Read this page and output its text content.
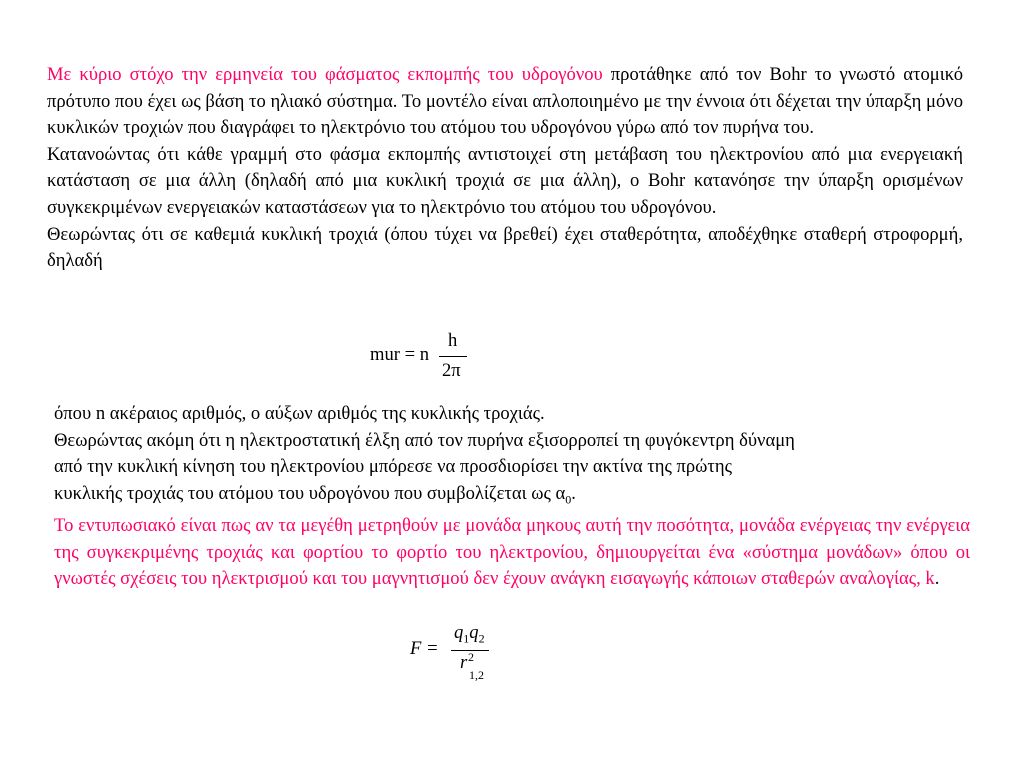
Με κύριο στόχο την ερμηνεία του φάσματος εκπομπής του υδρογόνου προτάθηκε από τον Bohr το γνωστό ατομικό πρότυπο που έχει ως βάση το ηλιακό σύστημα. Το μοντέλο είναι απλοποιημένο με την έννοια ότι δέχεται την ύπαρξη μόνο κυκλικών τροχιών που διαγράφει το ηλεκτρόνιο του ατόμου του υδρογόνου γύρω από τον πυρήνα του.

Κατανοώντας ότι κάθε γραμμή στο φάσμα εκπομπής αντιστοιχεί στη μετάβαση του ηλεκτρονίου από μια ενεργειακή κατάσταση σε μια άλλη (δηλαδή από μια κυκλική τροχιά σε μια άλλη), ο Bohr κατανόησε την ύπαρξη ορισμένων συγκεκριμένων ενεργειακών καταστάσεων για το ηλεκτρόνιο του ατόμου του υδρογόνου.

Θεωρώντας ότι σε καθεμιά κυκλική τροχιά (όπου τύχει να βρεθεί) έχει σταθερότητα, αποδέχθηκε σταθερή στροφορμή, δηλαδή

mur = n
h
2π

όπου n ακέραιος αριθμός, ο αύξων αριθμός της κυκλικής τροχιάς.

Θεωρώντας ακόμη ότι η ηλεκτροστατική έλξη από τον πυρήνα εξισορροπεί τη φυγόκεντρη δύναμη

από την κυκλική κίνηση του ηλεκτρονίου μπόρεσε να προσδιορίσει την ακτίνα της πρώτης

κυκλικής τροχιάς του ατόμου του υδρογόνου που συμβολίζεται ως $\alpha_0$.

Το εντυπωσιακό είναι πως αν τα μεγέθη μετρηθούν με μονάδα μηκους αυτή την ποσότητα, μονάδα ενέργειας την ενέργεια της συγκεκριμένης τροχιάς και φορτίου το φορτίο του ηλεκτρονίου, δημιουργείται ένα «σύστημα μονάδων» όπου οι γνωστές σχέσεις του ηλεκτρισμού και του μαγνητισμού δεν έχουν ανάγκη εισαγωγής κάποιων σταθερών αναλογίας, k.

F =
$q_1q_2$
r 2
1,2
